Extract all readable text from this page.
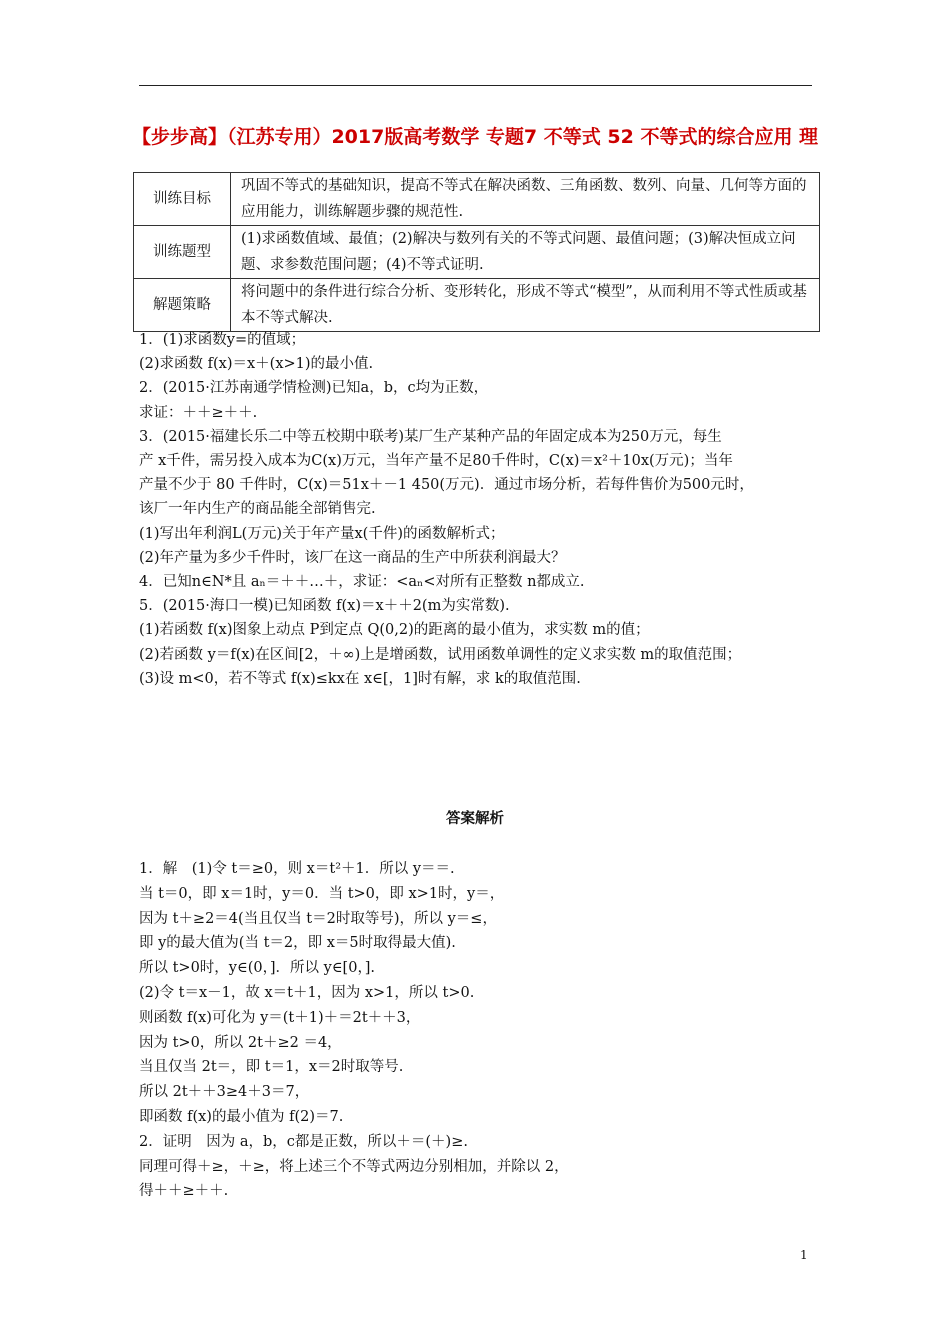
【步步高】（江苏专用）2017版高考数学 专题7 不等式 52 不等式的综合应用 理
训练目标	巩固不等式的基础知识，提高不等式在解决函数、三角函数、数列、向量、几何等方面的应用能力，训练解题步骤的规范性.
训练题型	(1)求函数值域、最值；(2)解决与数列有关的不等式问题、最值问题；(3)解决恒成立问题、求参数范围问题；(4)不等式证明.
解题策略	将问题中的条件进行综合分析、变形转化，形成不等式“模型”，从而利用不等式性质或基本不等式解决.
1．(1)求函数y=的值域；
(2)求函数 f(x)＝x＋(x>1)的最小值.
2．(2015·江苏南通学情检测)已知a，b，c均为正数，
求证：＋＋≥＋＋.
3．(2015·福建长乐二中等五校期中联考)某厂生产某种产品的年固定成本为250万元，每生
产 x千件，需另投入成本为C(x)万元，当年产量不足80千件时，C(x)＝x²＋10x(万元)；当年
产量不少于 80 千件时，C(x)＝51x＋－1 450(万元)．通过市场分析，若每件售价为500元时，
该厂一年内生产的商品能全部销售完.
(1)写出年利润L(万元)关于年产量x(千件)的函数解析式；
(2)年产量为多少千件时，该厂在这一商品的生产中所获利润最大？
4．已知n∈N*且 aₙ＝＋＋…＋，求证：<aₙ<对所有正整数 n都成立.
5．(2015·海口一模)已知函数 f(x)＝x＋＋2(m为实常数).
(1)若函数 f(x)图象上动点 P到定点 Q(0,2)的距离的最小值为，求实数 m的值；
(2)若函数 y＝f(x)在区间[2，＋∞)上是增函数，试用函数单调性的定义求实数 m的取值范围；
(3)设 m<0，若不等式 f(x)≤kx在 x∈[，1]时有解，求 k的取值范围.
答案解析
1．解　(1)令 t＝≥0，则 x＝t²＋1．所以 y＝＝.
当 t＝0，即 x＝1时，y＝0．当 t>0，即 x>1时，y＝，
因为 t＋≥2＝4(当且仅当 t＝2时取等号)，所以 y＝≤，
即 y的最大值为(当 t＝2，即 x＝5时取得最大值).
所以 t>0时，y∈(0，]．所以 y∈[0，].
(2)令 t＝x－1，故 x＝t＋1，因为 x>1，所以 t>0.
则函数 f(x)可化为 y＝(t＋1)＋＝2t＋＋3，
因为 t>0，所以 2t＋≥2 ＝4，
当且仅当 2t＝，即 t＝1，x＝2时取等号.
所以 2t＋＋3≥4＋3＝7，
即函数 f(x)的最小值为 f(2)＝7.
2．证明　因为 a，b，c都是正数，所以＋＝(＋)≥.
同理可得＋≥，＋≥，将上述三个不等式两边分别相加，并除以 2，
得＋＋≥＋＋.
1
